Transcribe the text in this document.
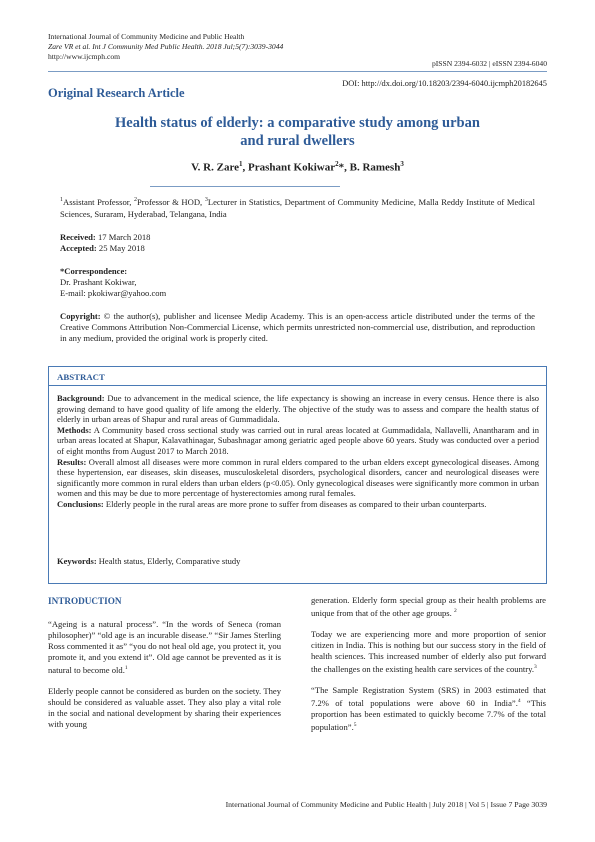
International Journal of Community Medicine and Public Health
Zare VR et al. Int J Community Med Public Health. 2018 Jul;5(7):3039-3044
http://www.ijcmph.com
pISSN 2394-6032 | eISSN 2394-6040
DOI: http://dx.doi.org/10.18203/2394-6040.ijcmph20182645
Original Research Article
Health status of elderly: a comparative study among urban
and rural dwellers
V. R. Zare$^1$, Prashant Kokiwar$^2$*, B. Ramesh$^3$
$^1$Assistant Professor, $^2$Professor & HOD, $^3$Lecturer in Statistics, Department of Community Medicine, Malla Reddy Institute of Medical Sciences, Suraram, Hyderabad, Telangana, India
Received: 17 March 2018
Accepted: 25 May 2018
*Correspondence:
Dr. Prashant Kokiwar,
E-mail: pkokiwar@yahoo.com
Copyright: © the author(s), publisher and licensee Medip Academy. This is an open-access article distributed under the terms of the Creative Commons Attribution Non-Commercial License, which permits unrestricted non-commercial use, distribution, and reproduction in any medium, provided the original work is properly cited.
ABSTRACT

Background: Due to advancement in the medical science, the life expectancy is showing an increase in every census. Hence there is also growing demand to have good quality of life among the elderly. The objective of the study was to assess and compare the health status of elderly in urban areas of Shapur and rural areas of Gummadidala.

Methods: A Community based cross sectional study was carried out in rural areas located at Gummadidala, Nallavelli, Anantharam and in urban areas located at Shapur, Kalavathinagar, Subashnagar among geriatric aged people above 60 years. Study was conducted over a period of eight months from August 2017 to March 2018.

Results: Overall almost all diseases were more common in rural elders compared to the urban elders except gynecological diseases. Among these hypertension, ear diseases, skin diseases, musculoskeletal disorders, psychological disorders, cancer and neurological diseases were significantly more common in rural elders than urban elders (p<0.05). Only gynecological diseases were significantly more common in urban women and this may be due to more percentage of hysterectomies among rural females.

Conclusions: Elderly people in the rural areas are more prone to suffer from diseases as compared to their urban counterparts.

Keywords: Health status, Elderly, Comparative study

INTRODUCTION

“Ageing is a natural process”. “In the words of Seneca (roman philosopher)” “old age is an incurable disease.” “Sir James Sterling Ross commented it as” “you do not heal old age, you protect it, you promote it, and you extend it”. Old age cannot be prevented as it is natural to become old.$^1$

Elderly people cannot be considered as burden on the society. They should be considered as valuable asset. They also play a vital role in the social and national development by sharing their experiences with young

generation. Elderly form special group as their health problems are unique from that of the other age groups. $^2$

Today we are experiencing more and more proportion of senior citizen in India. This is nothing but our success story in the field of health sciences. This increased number of elderly also put forward the challenges on the existing health care services of the country.$^3$

“The Sample Registration System (SRS) in 2003 estimated that 7.2% of total populations were above 60 in India”.$^4$ “This proportion has been estimated to quickly become 7.7% of the total population”.$^5$

International Journal of Community Medicine and Public Health | July 2018 | Vol 5 | Issue 7 Page 3039
